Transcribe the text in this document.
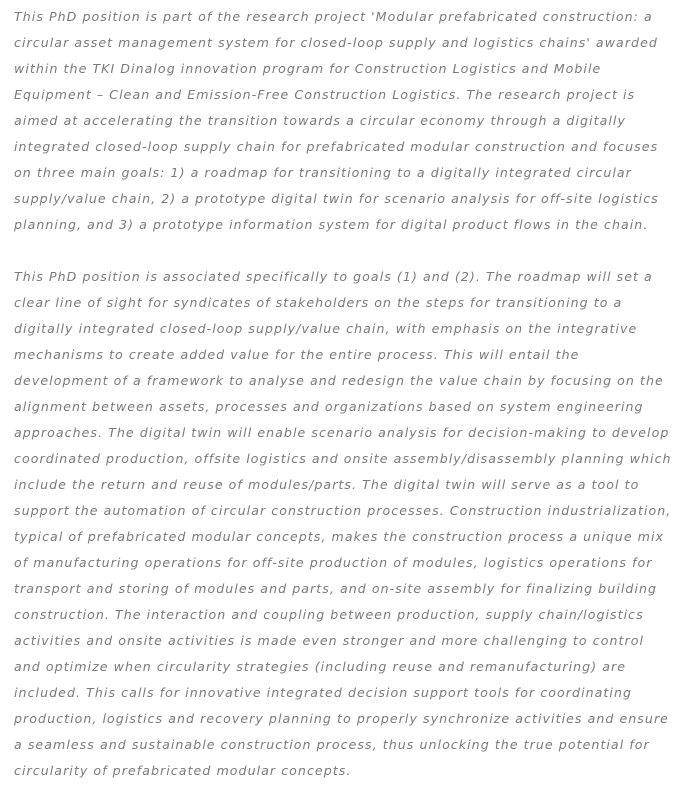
This PhD position is part of the research project 'Modular prefabricated construction: a
circular asset management system for closed-loop supply and logistics chains' awarded
within the TKI Dinalog innovation program for Construction Logistics and Mobile
Equipment – Clean and Emission-Free Construction Logistics. The research project is
aimed at accelerating the transition towards a circular economy through a digitally
integrated closed-loop supply chain for prefabricated modular construction and focuses
on three main goals: 1) a roadmap for transitioning to a digitally integrated circular
supply/value chain, 2) a prototype digital twin for scenario analysis for off-site logistics
planning, and 3) a prototype information system for digital product flows in the chain.

This PhD position is associated specifically to goals (1) and (2). The roadmap will set a
clear line of sight for syndicates of stakeholders on the steps for transitioning to a
digitally integrated closed-loop supply/value chain, with emphasis on the integrative
mechanisms to create added value for the entire process. This will entail the
development of a framework to analyse and redesign the value chain by focusing on the
alignment between assets, processes and organizations based on system engineering
approaches. The digital twin will enable scenario analysis for decision-making to develop
coordinated production, offsite logistics and onsite assembly/disassembly planning which
include the return and reuse of modules/parts. The digital twin will serve as a tool to
support the automation of circular construction processes. Construction industrialization,
typical of prefabricated modular concepts, makes the construction process a unique mix
of manufacturing operations for off-site production of modules, logistics operations for
transport and storing of modules and parts, and on-site assembly for finalizing building
construction. The interaction and coupling between production, supply chain/logistics
activities and onsite activities is made even stronger and more challenging to control
and optimize when circularity strategies (including reuse and remanufacturing) are
included. This calls for innovative integrated decision support tools for coordinating
production, logistics and recovery planning to properly synchronize activities and ensure
a seamless and sustainable construction process, thus unlocking the true potential for
circularity of prefabricated modular concepts.
